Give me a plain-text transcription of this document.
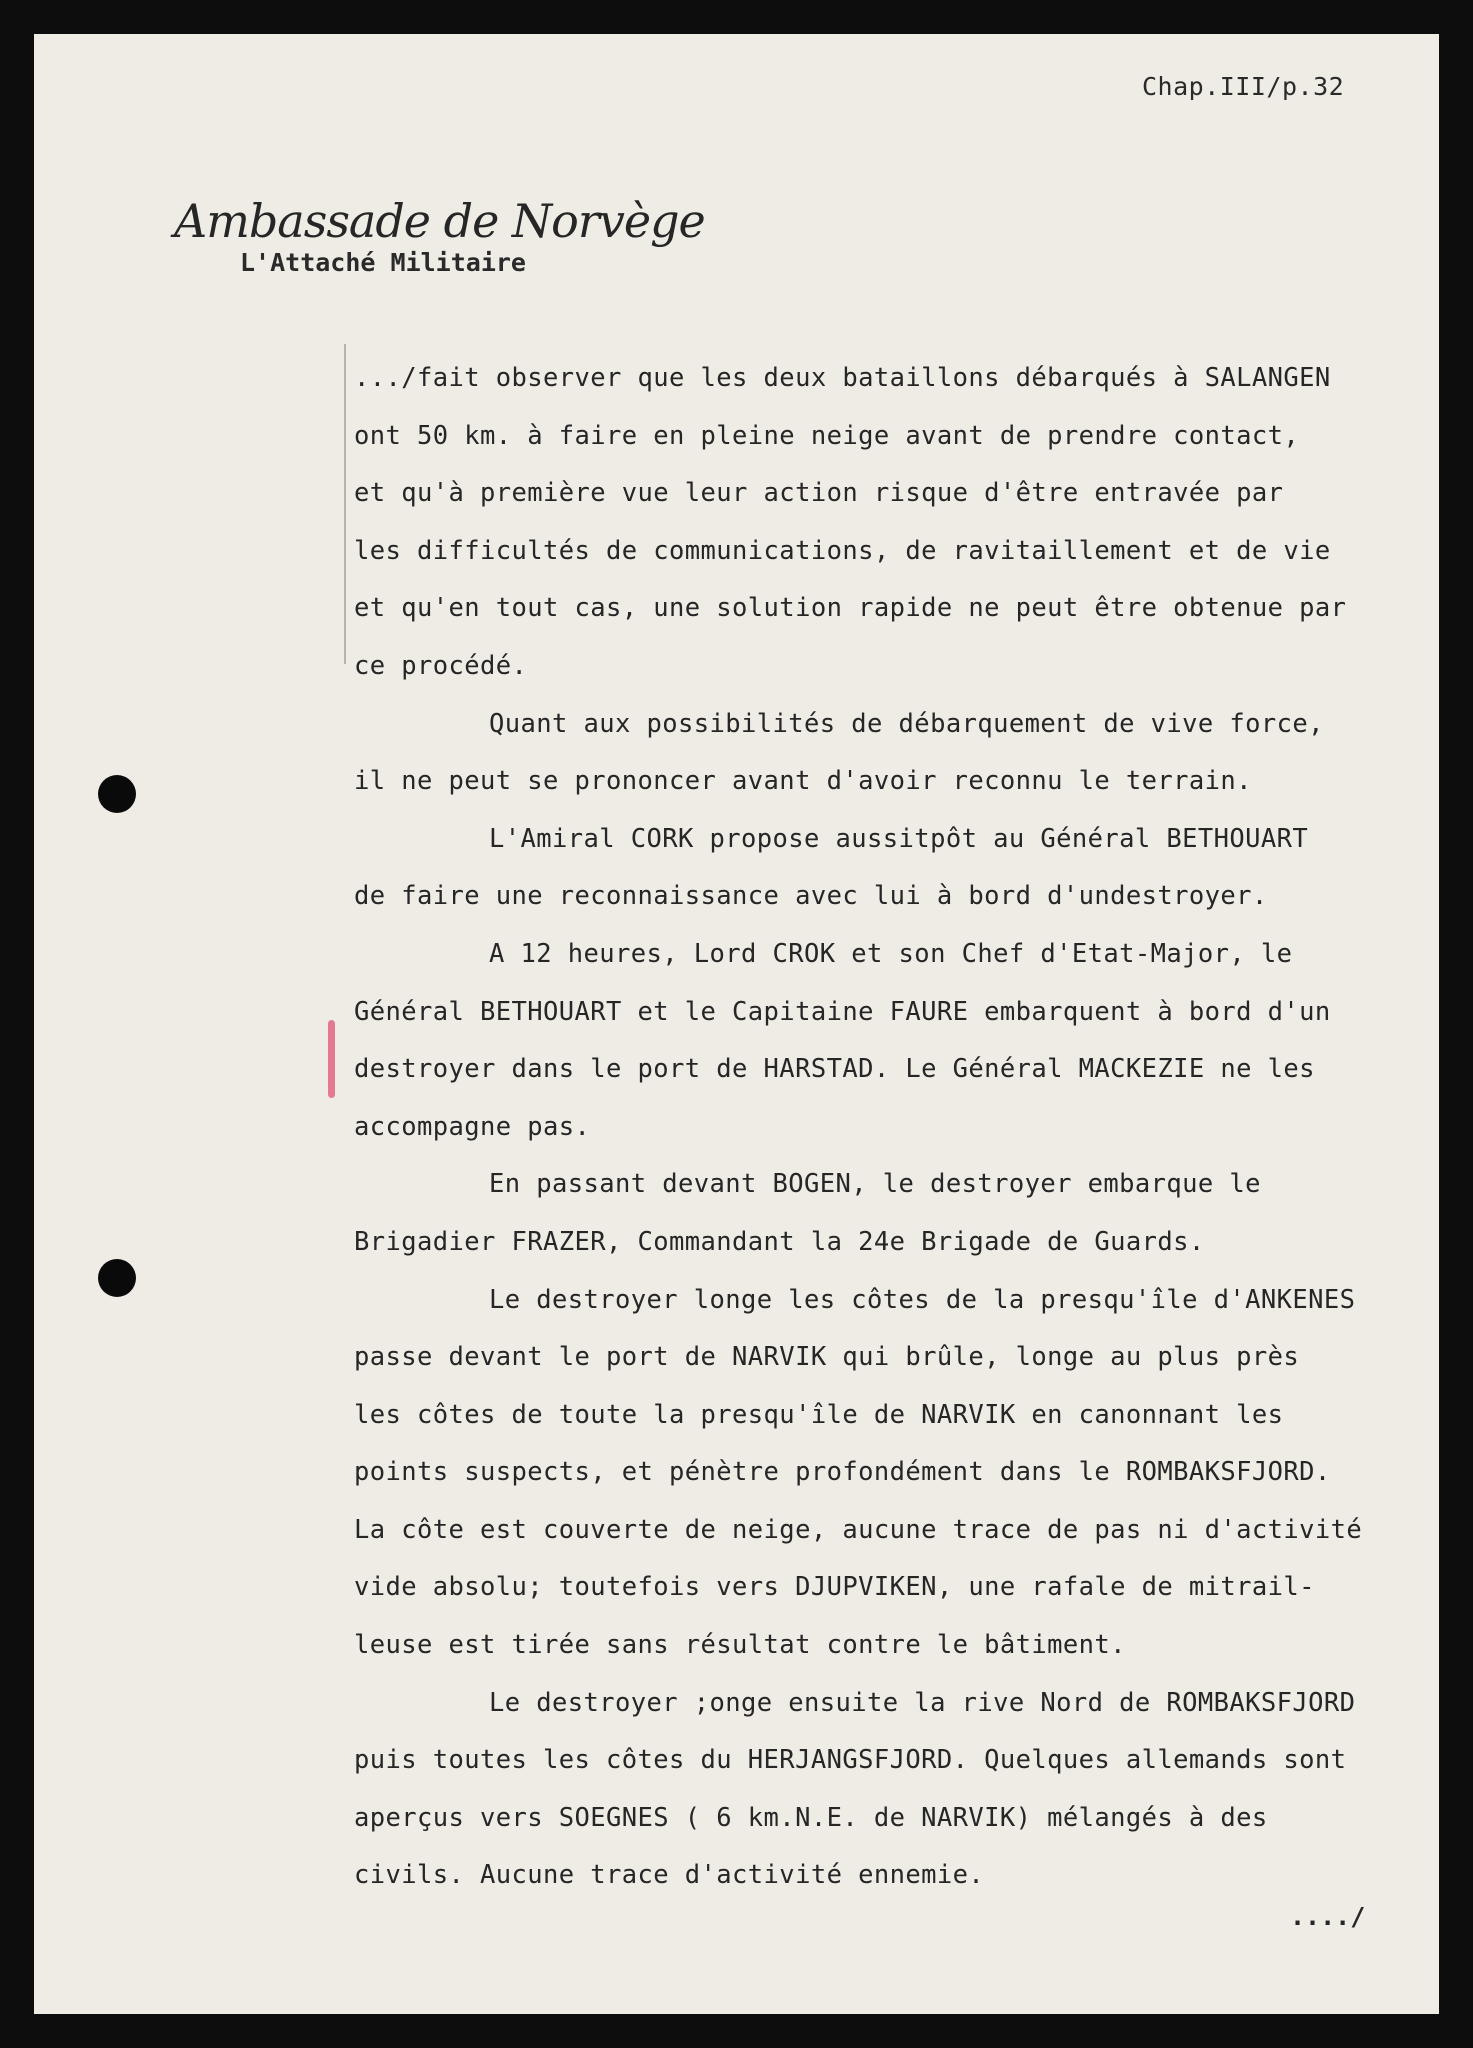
Chap.III/p.32
Ambassade de Norvège
L'Attaché Militaire

.../fait observer que les deux bataillons débarqués à SALANGEN

ont 50 km. à faire en pleine neige avant de prendre contact,

et qu'à première vue leur action risque d'être entravée par

les difficultés de communications, de ravitaillement et de vie

et qu'en tout cas, une solution rapide ne peut être obtenue par

ce procédé.

Quant aux possibilités de débarquement de vive force,

il ne peut se prononcer avant d'avoir reconnu le terrain.

L'Amiral CORK propose aussitpôt au Général BETHOUART

de faire une reconnaissance avec lui à bord d'undestroyer.

A 12 heures, Lord CROK et son Chef d'Etat-Major, le

Général BETHOUART et le Capitaine FAURE embarquent à bord d'un

destroyer dans le port de HARSTAD. Le Général MACKEZIE ne les

accompagne pas.

En passant devant BOGEN, le destroyer embarque le

Brigadier FRAZER, Commandant la 24e Brigade de Guards.

Le destroyer longe les côtes de la presqu'île d'ANKENES

passe devant le port de NARVIK qui brûle, longe au plus près

les côtes de toute la presqu'île de NARVIK en canonnant les

points suspects, et pénètre profondément dans le ROMBAKSFJORD.

La côte est couverte de neige, aucune trace de pas ni d'activité

vide absolu; toutefois vers DJUPVIKEN, une rafale de mitrail-

leuse est tirée sans résultat contre le bâtiment.

Le destroyer ;onge ensuite la rive Nord de ROMBAKSFJORD

puis toutes les côtes du HERJANGSFJORD. Quelques allemands sont

aperçus vers SOEGNES ( 6 km.N.E. de NARVIK) mélangés à des

civils. Aucune trace d'activité ennemie.

..../
